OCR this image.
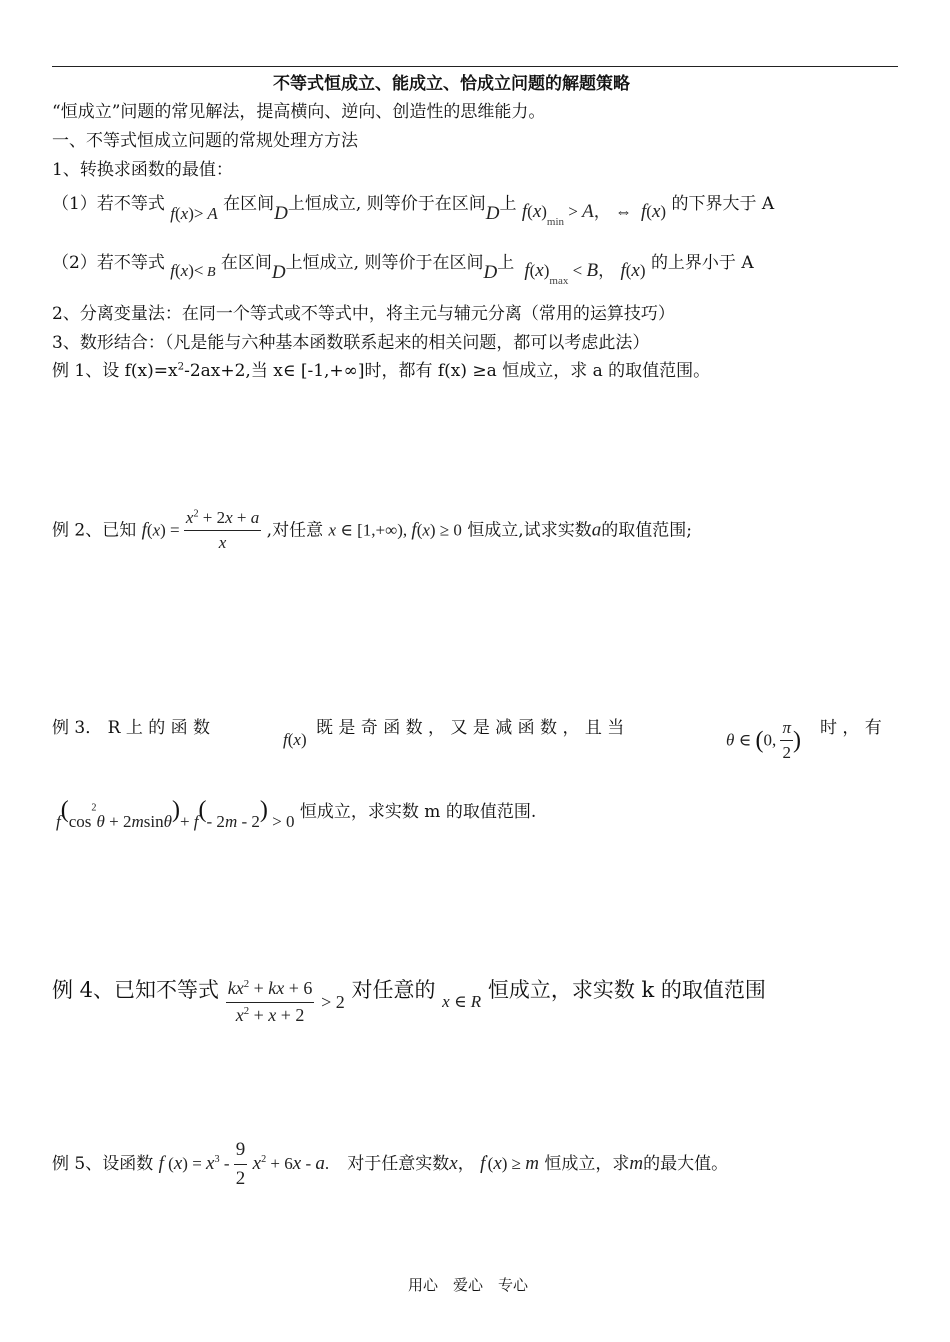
不等式恒成立、能成立、恰成立问题的解题策略
“恒成立”问题的常见解法，提高横向、逆向、创造性的思维能力。
一、不等式恒成立问题的常规处理方方法
1、转换求函数的最值：
（1）若不等式 f(x)> A 在区间D上恒成立, 则等价于在区间D上 $f(x)_{min} > A$， ⇔  f(x) 的下界大于 A
（2）若不等式 f(x)< $_B$ 在区间D上恒成立, 则等价于在区间D上  $f(x)_{max} < B$， f(x) 的上界小于 A
2、分离变量法：在同一个等式或不等式中，将主元与辅元分离（常用的运算技巧）
3、数形结合：（凡是能与六种基本函数联系起来的相关问题，都可以考虑此法）
例 1、设 $f(x)=x^2-2ax+2$,当 x∈ [-1,+∞]时，都有 f(x) ≥a 恒成立，求 a 的取值范围。
例 2、已知 $f(x) = \frac{x^2 + 2x + a}{x}$ ,对任意 x ∈ [1,+∞), f(x) ≥ 0 恒成立,试求实数a的取值范围;
例 3． R 上 的 函 数
f(x)
既 是 奇 函 数 ， 又 是 减 函 数 ， 且 当
θ ∈ (0, $\frac{\pi}{2}$ ) 时 ， 有
$f(\cos^2\theta + 2msin\theta)+ f(-$ 2m - 2) > 0 恒成立，求实数 m 的取值范围.
例 4、已知不等式 $\frac{kx^2 + kx + 6}{x^2 + x + 2} > 2$ 对任意的 $^x$ ∈ $^R$ 恒成立，求实数 k 的取值范围
例 5、设函数 f $(x) = x^3 - \frac{9}{2} x^2 + 6x - a$.    对于任意实数x， f′(x) ≥ m 恒成立，求m的最大值。
用心　爱心　专心
